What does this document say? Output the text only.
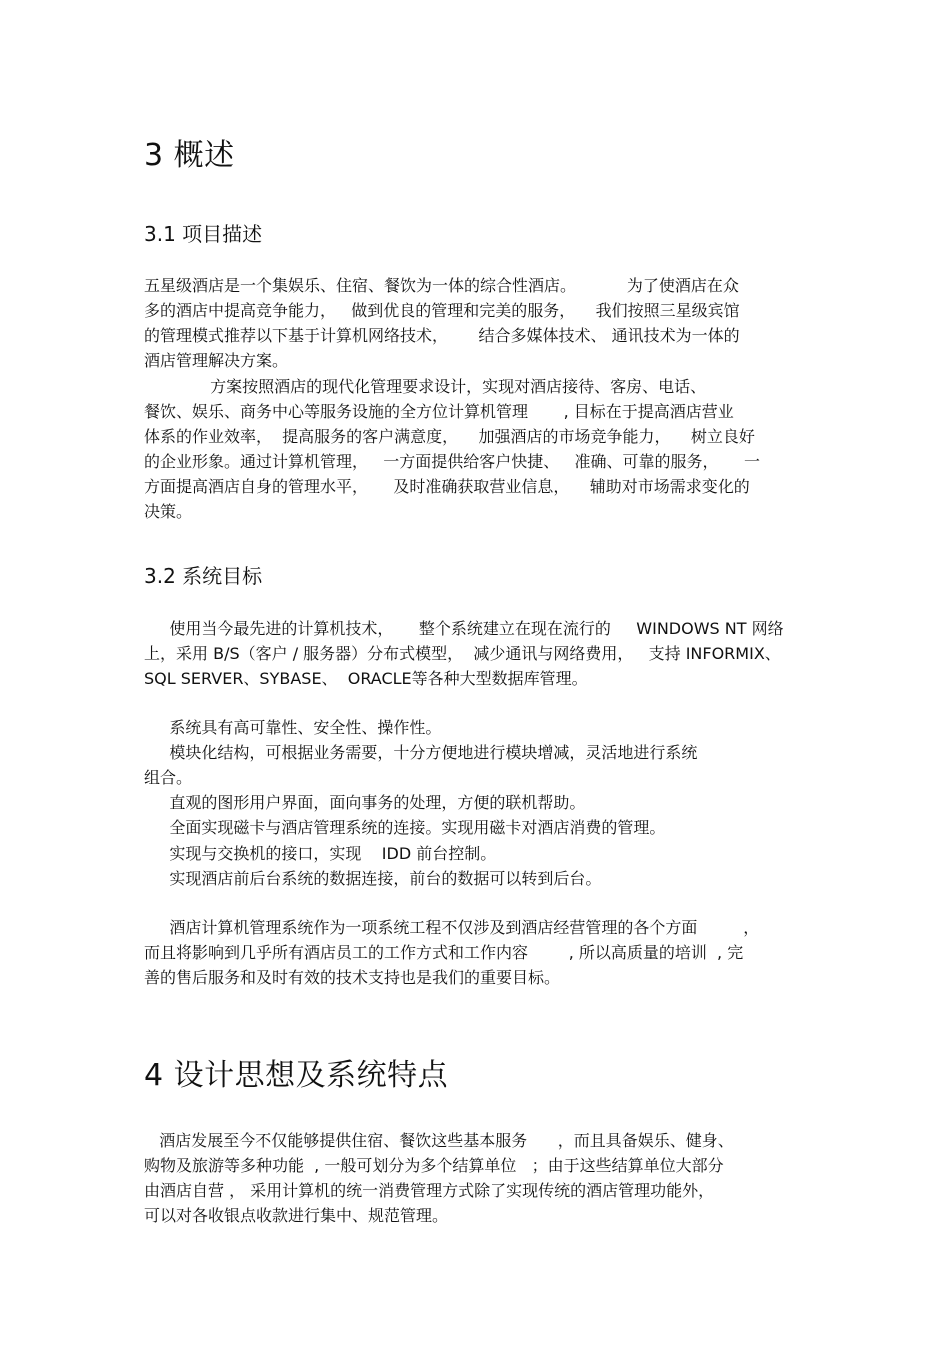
3 概述
3.1 项目描述

五星级酒店是一个集娱乐、住宿、餐饮为一体的综合性酒店。          为了使酒店在众

多的酒店中提高竞争能力，   做到优良的管理和完美的服务，    我们按照三星级宾馆

的管理模式推荐以下基于计算机网络技术，      结合多媒体技术、 通讯技术为一体的

酒店管理解决方案。

方案按照酒店的现代化管理要求设计，实现对酒店接待、客房、电话、

餐饮、娱乐、商务中心等服务设施的全方位计算机管理       , 目标在于提高酒店营业

体系的作业效率，  提高服务的客户满意度，    加强酒店的市场竞争能力，    树立良好

的企业形象。通过计算机管理，   一方面提供给客户快捷、   准确、可靠的服务，     一

方面提高酒店自身的管理水平，     及时准确获取营业信息，    辅助对市场需求变化的

决策。

3.2 系统目标

使用当今最先进的计算机技术，     整个系统建立在现在流行的     WINDOWS NT 网络

上，采用 B/S（客户 / 服务器）分布式模型，  减少通讯与网络费用，   支持 INFORMIX、

SQL SERVER、SYBASE、  ORACLE等各种大型数据库管理。

系统具有高可靠性、安全性、操作性。

模块化结构，可根据业务需要，十分方便地进行模块增减，灵活地进行系统

组合。

直观的图形用户界面，面向事务的处理，方便的联机帮助。

全面实现磁卡与酒店管理系统的连接。实现用磁卡对酒店消费的管理。

实现与交换机的接口，实现    IDD 前台控制。

实现酒店前后台系统的数据连接，前台的数据可以转到后台。

酒店计算机管理系统作为一项系统工程不仅涉及到酒店经营管理的各个方面         ，

而且将影响到几乎所有酒店员工的工作方式和工作内容        , 所以高质量的培训  , 完

善的售后服务和及时有效的技术支持也是我们的重要目标。

4 设计思想及系统特点

酒店发展至今不仅能够提供住宿、餐饮这些基本服务      ，而且具备娱乐、健身、

购物及旅游等多种功能  , 一般可划分为多个结算单位   ；由于这些结算单位大部分

由酒店自营 ， 采用计算机的统一消费管理方式除了实现传统的酒店管理功能外，

可以对各收银点收款进行集中、规范管理。
